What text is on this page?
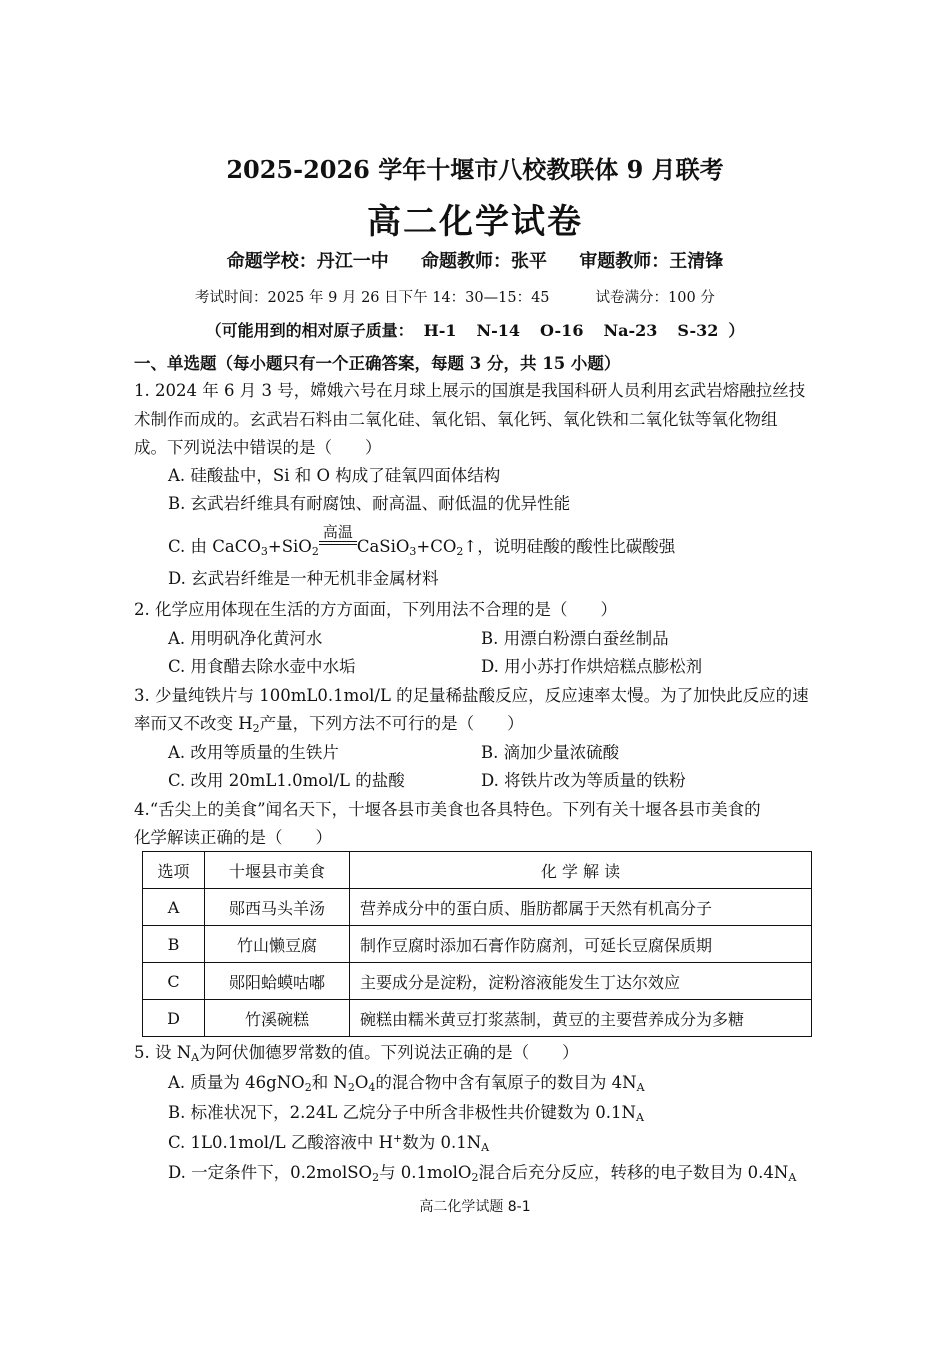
2025-2026 学年十堰市八校教联体 9 月联考
高二化学试卷
命题学校：丹江一中 命题教师：张平 审题教师：王清锋
考试时间：2025 年 9 月 26 日下午 14：30—15：45	试卷满分：100 分
（可能用到的相对原子质量： H-1 N-14 O-16 Na-23 S-32 ）
一、单选题（每小题只有一个正确答案，每题 3 分，共 15 小题）
1. 2024 年 6 月 3 号，嫦娥六号在月球上展示的国旗是我国科研人员利用玄武岩熔融拉丝技
术制作而成的。玄武岩石料由二氧化硅、氧化铝、氧化钙、氧化铁和二氧化钛等氧化物组
成。下列说法中错误的是（　　）
A. 硅酸盐中，Si 和 O 构成了硅氧四面体结构
B. 玄武岩纤维具有耐腐蚀、耐高温、耐低温的优异性能
C. 由 CaCO$_3$+SiO$_2$
高温
$CaSiO_3+CO_2↑$，说明硅酸的酸性比碳酸强
D. 玄武岩纤维是一种无机非金属材料
2. 化学应用体现在生活的方方面面，下列用法不合理的是（　　）
A. 用明矾净化黄河水	B. 用漂白粉漂白蚕丝制品
C. 用食醋去除水壶中水垢	D. 用小苏打作烘焙糕点膨松剂
3. 少量纯铁片与 100mL0.1mol/L 的足量稀盐酸反应，反应速率太慢。为了加快此反应的速
率而又不改变 $H_2$产量，下列方法不可行的是（　　）
A. 改用等质量的生铁片	B. 滴加少量浓硫酸
C. 改用 20mL1.0mol/L 的盐酸	D. 将铁片改为等质量的铁粉
4.“舌尖上的美食”闻名天下，十堰各县市美食也各具特色。下列有关十堰各县市美食的
化学解读正确的是（　　）
选项	十堰县市美食	化 学 解 读
A	郧西马头羊汤	营养成分中的蛋白质、脂肪都属于天然有机高分子
B	竹山懒豆腐	制作豆腐时添加石膏作防腐剂，可延长豆腐保质期
C	郧阳蛤蟆咕嘟	主要成分是淀粉，淀粉溶液能发生丁达尔效应
D	竹溪碗糕	碗糕由糯米黄豆打浆蒸制，黄豆的主要营养成分为多糖
5. 设 $N_A$为阿伏伽德罗常数的值。下列说法正确的是（　　）
A. 质量为 46gNO$_2$和 $N_2O_4$的混合物中含有氧原子的数目为 $4N_A$
B. 标准状况下，2.24L 乙烷分子中所含非极性共价键数为 $0.1N_A$
C. 1L0.1mol/L 乙酸溶液中 H+数为 $0.1N_A$
D. 一定条件下，0.2molSO$_2$与 0.1molO$_2$混合后充分反应，转移的电子数目为 $0.4N_A$
高二化学试题 8-1
